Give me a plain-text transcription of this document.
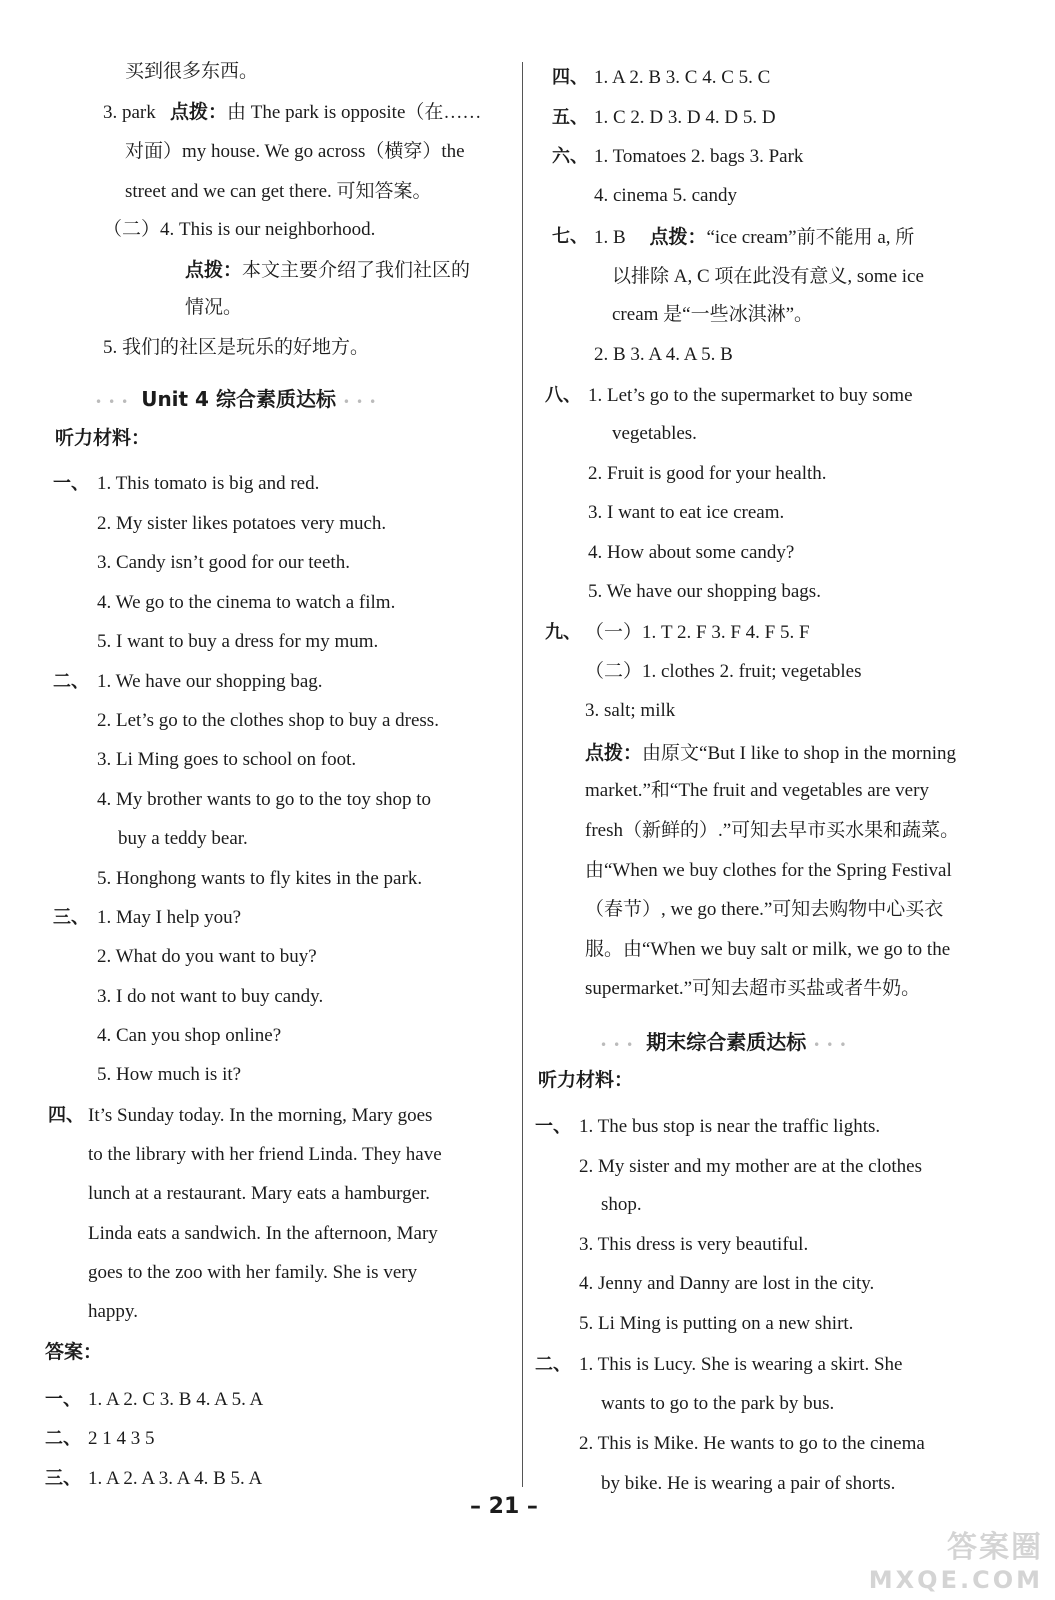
买到很多东西。
3. park 点拨：由 The park is opposite（在……
对面）my house. We go across（横穿）the
street and we can get there. 可知答案。
（二）4. This is our neighborhood.
点拨：本文主要介绍了我们社区的
情况。
5. 我们的社区是玩乐的好地方。
••• Unit 4 综合素质达标 •••
听力材料：
一、 1. This tomato is big and red.
2. My sister likes potatoes very much.
3. Candy isn’t good for our teeth.
4. We go to the cinema to watch a film.
5. I want to buy a dress for my mum.
二、 1. We have our shopping bag.
2. Let’s go to the clothes shop to buy a dress.
3. Li Ming goes to school on foot.
4. My brother wants to go to the toy shop to
buy a teddy bear.
5. Honghong wants to fly kites in the park.
三、 1. May I help you?
2. What do you want to buy?
3. I do not want to buy candy.
4. Can you shop online?
5. How much is it?
四、 It’s Sunday today. In the morning, Mary goes
to the library with her friend Linda. They have
lunch at a restaurant. Mary eats a hamburger.
Linda eats a sandwich. In the afternoon, Mary
goes to the zoo with her family. She is very
happy.
答案：
一、 1. A 2. C 3. B 4. A 5. A
二、 2 1 4 3 5
三、 1. A 2. A 3. A 4. B 5. A
四、 1. A 2. B 3. C 4. C 5. C
五、 1. C 2. D 3. D 4. D 5. D
六、 1. Tomatoes 2. bags 3. Park
4. cinema 5. candy
七、 1. B 点拨：“ice cream”前不能用 a, 所
以排除 A, C 项在此没有意义, some ice
cream 是“一些冰淇淋”。
2. B 3. A 4. A 5. B
八、 1. Let’s go to the supermarket to buy some
vegetables.
2. Fruit is good for your health.
3. I want to eat ice cream.
4. How about some candy?
5. We have our shopping bags.
九、 （一）1. T 2. F 3. F 4. F 5. F
（二）1. clothes 2. fruit; vegetables
3. salt; milk
点拨：由原文“But I like to shop in the morning
market.”和“The fruit and vegetables are very
fresh（新鲜的）.”可知去早市买水果和蔬菜。
由“When we buy clothes for the Spring Festival
（春节）, we go there.”可知去购物中心买衣
服。由“When we buy salt or milk, we go to the
supermarket.”可知去超市买盐或者牛奶。
••• 期末综合素质达标 •••
听力材料：
一、 1. The bus stop is near the traffic lights.
2. My sister and my mother are at the clothes
shop.
3. This dress is very beautiful.
4. Jenny and Danny are lost in the city.
5. Li Ming is putting on a new shirt.
二、 1. This is Lucy. She is wearing a skirt. She
wants to go to the park by bus.
2. This is Mike. He wants to go to the cinema
by bike. He is wearing a pair of shorts.
– 21 –
答案圈
MXQE.COM
